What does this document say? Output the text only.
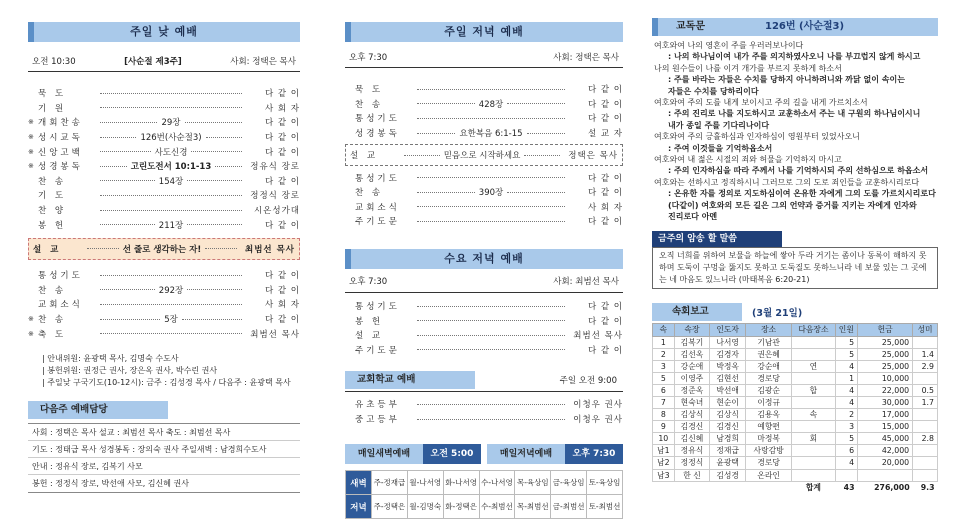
주일 낮 예배
오전 10:30	[사순절 제3주]	사회: 정택은 목사
묵 도	다 같 이
기 원	사 회 자
※ 개회찬송	29장	다 같 이
※ 성시교독	126번(사순절3)	다 같 이
※ 신앙고백	사도신경	다 같 이
※ 성경봉독	고린도전서 10:1-13	정유식 장로
찬 송	154장	다 같 이
기 도	정정식 장로
찬 양	시온성가대
봉 헌	211장	다 같 이
설 교	선 줄로 생각하는 자!	최범선 목사
통성기도	다 같 이
찬 송	292장	다 같 이
교회소식	사 회 자
※ 찬 송	5장	다 같 이
※ 축 도	최범선 목사
| 안내위원: 윤광택 목사, 김명숙 수도사
| 봉헌위원: 권정근 권사, 장은옥 권사, 박수린 권사
| 주일낮 구국기도(10-12시): 금주 : 김성경 목사 / 다음주 : 윤광택 목사
다음주 예배담당
사회 : 정택은 목사 설교 : 최범선 목사 축도 : 최범선 목사
기도 : 정태급 목사 성경봉독 : 장의숙 권사 주일새벽 : 남경희수도사
안내 : 정유식 장로, 김복기 사모
봉헌 : 정정식 장로, 박선애 사모, 김신혜 권사
주일 저녁 예배
오후 7:30	사회: 정택은 목사
묵 도	다 같 이
찬 송	428장	다 같 이
통성기도	다 같 이
성경봉독	요한복음 6:1-15	설 교 자
설 교	믿음으로 시작하세요	정택은 목사
통성기도	다 같 이
찬 송	390장	다 같 이
교회소식	사 회 자
주기도문	다 같 이
수요 저녁 예배
오후 7:30	사회: 최범선 목사
통성기도	다 같 이
봉 헌	다 같 이
설 교	최범선 목사
주기도문	다 같 이
교회학교 예배	주일 오전 9:00
유초등부	이청우 권사
중고등부	이청우 권사
매일새벽예배	오전 5:00	매일저녁예배	오후 7:30
새벽	주-정재급	월-나서영	화-나서영	수-나서영	목-육상임	금-육상임	토-육상임
저녁	주-정택은	월-김명숙	화-정택은	수-최범선	목-최범선	금-최범선	토-최범선
교독문	126번 (사순절3)
여호와여 나의 영혼이 주를 우러러보나이다
: 나의 하나님이여 내가 주를 의지하였사오니 나를 부끄럽지 않게 하시고
나의 원수들이 나를 이겨 개가를 부르지 못하게 하소서
: 주를 바라는 자들은 수치를 당하지 아니하려니와 까닭 없이 속이는
자들은 수치를 당하리이다
여호와여 주의 도를 내게 보이시고 주의 길을 내게 가르치소서
: 주의 진리로 나를 지도하시고 교훈하소서 주는 내 구원의 하나님이시니
내가 종일 주를 기다리나이다
여호와여 주의 긍휼하심과 인자하심이 영원부터 있었사오니
: 주여 이것들을 기억하옵소서
여호와여 내 젊은 시절의 죄와 허물을 기억하지 마시고
: 주의 인자하심을 따라 주께서 나를 기억하시되 주의 선하심으로 하옵소서
여호와는 선하시고 정직하시니 그러므로 그의 도로 죄인들을 교훈하시리로다
: 온유한 자를 정의로 지도하심이여 온유한 자에게 그의 도를 가르치시리로다
(다같이) 여호와의 모든 길은 그의 언약과 증거를 지키는 자에게 인자와
진리로다 아멘
금주의 암송 할 말씀
오직 너희를 위하여 보물을 하늘에 쌓아 두라 거기는 좀이나 동록이 해하지 못하며 도둑이 구멍을 뚫지도 못하고 도둑질도 못하느니라 네 보물 있는 그 곳에는 네 마음도 있느니라 (마태복음 6:20-21)
속회보고	(3월 21일)
속	속장	인도자	장소	다음장소	인원	헌금	성미
1	김복기	나서영	기남관		5	25,000	
2	김선옥	김경자	권은혜		5	25,000	1.4
3	강순애	박정옥	강순애	연	4	25,000	2.9
5	이영주	김현선	경로당		1	10,000	
6	정준옥	박선애	김광순	합	4	22,000	0.5
7	현숙녀	현순이	이정규		4	30,000	1.7
8	김상식	김상식	김용옥	속	2	17,000	
9	김경신	김경신	예향편		3	15,000	
10	김신혜	남경희	마정복	회	5	45,000	2.8
남1	정유식	정재급	사랑감방		6	42,000	
남2	정정식	윤광택	경로당		4	20,000	
남3	한 신	김성경	온라인				
				합계	43	276,000	9.3
